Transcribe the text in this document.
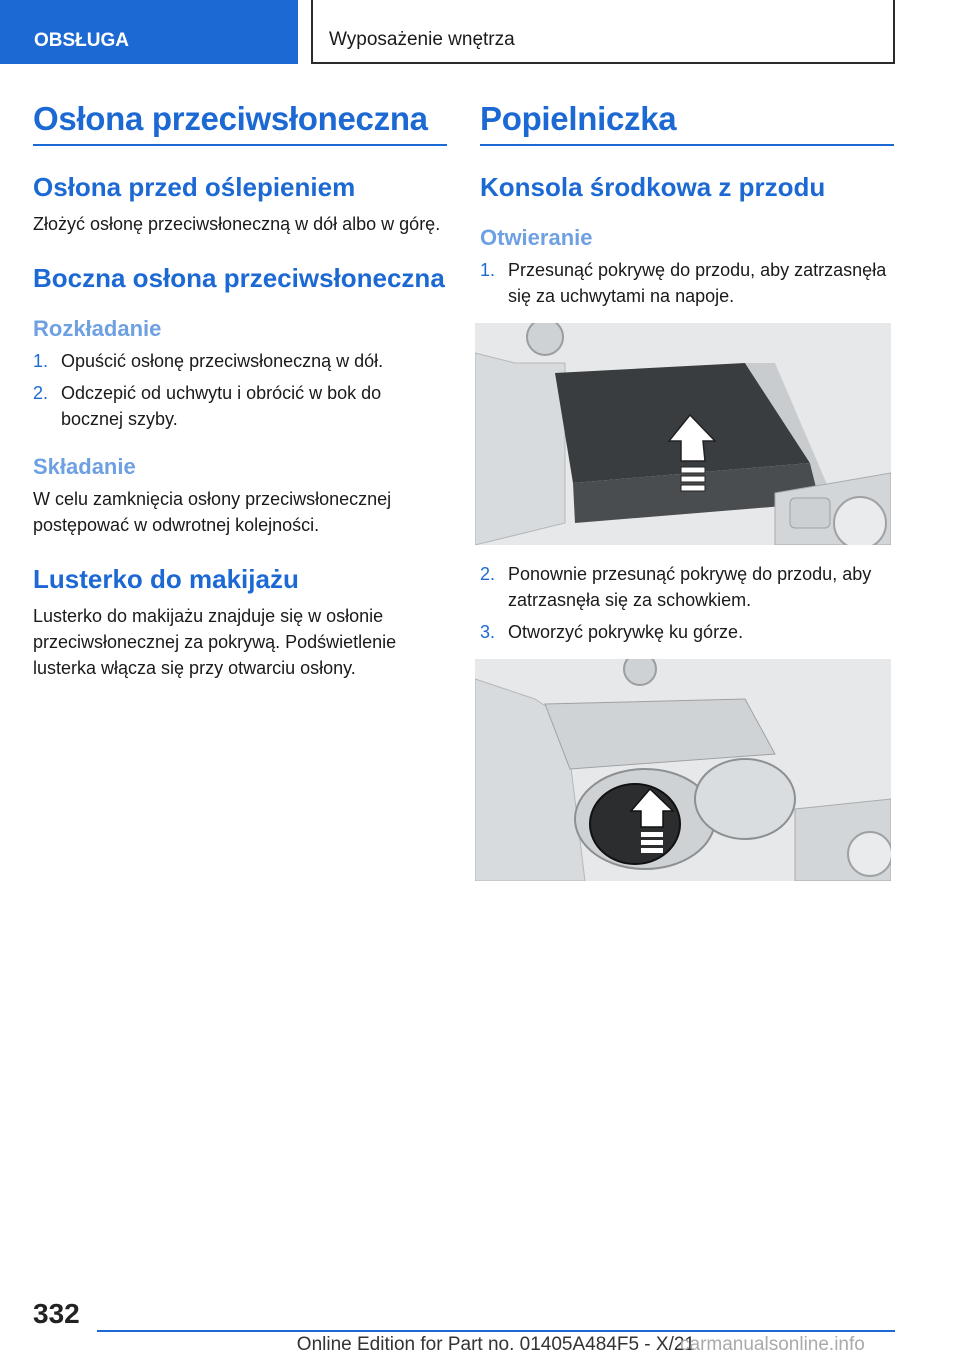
OBSŁUGA	Wyposażenie wnętrza
Osłona przeciwsłoneczna
Osłona przed oślepieniem

Złożyć osłonę przeciwsłoneczną w dół albo w górę.

Boczna osłona przeciwsłoneczna
Rozkładanie
1. Opuścić osłonę przeciwsłoneczną w dół.
2. Odczepić od uchwytu i obrócić w bok do bocznej szyby.
Składanie

W celu zamknięcia osłony przeciwsłonecznej postępować w odwrotnej kolejności.

Lusterko do makijażu

Lusterko do makijażu znajduje się w osłonie przeciwsłonecznej za pokrywą. Podświetlenie lusterka włącza się przy otwarciu osłony.

Popielniczka
Konsola środkowa z przodu
Otwieranie
1. Przesunąć pokrywę do przodu, aby zatrzasnęła się za uchwytami na napoje.
2. Ponownie przesunąć pokrywę do przodu, aby zatrzasnęła się za schowkiem.
3. Otworzyć pokrywkę ku górze.
332
Online Edition for Part no. 01405A484F5 - X/21
carmanualsonline.info
